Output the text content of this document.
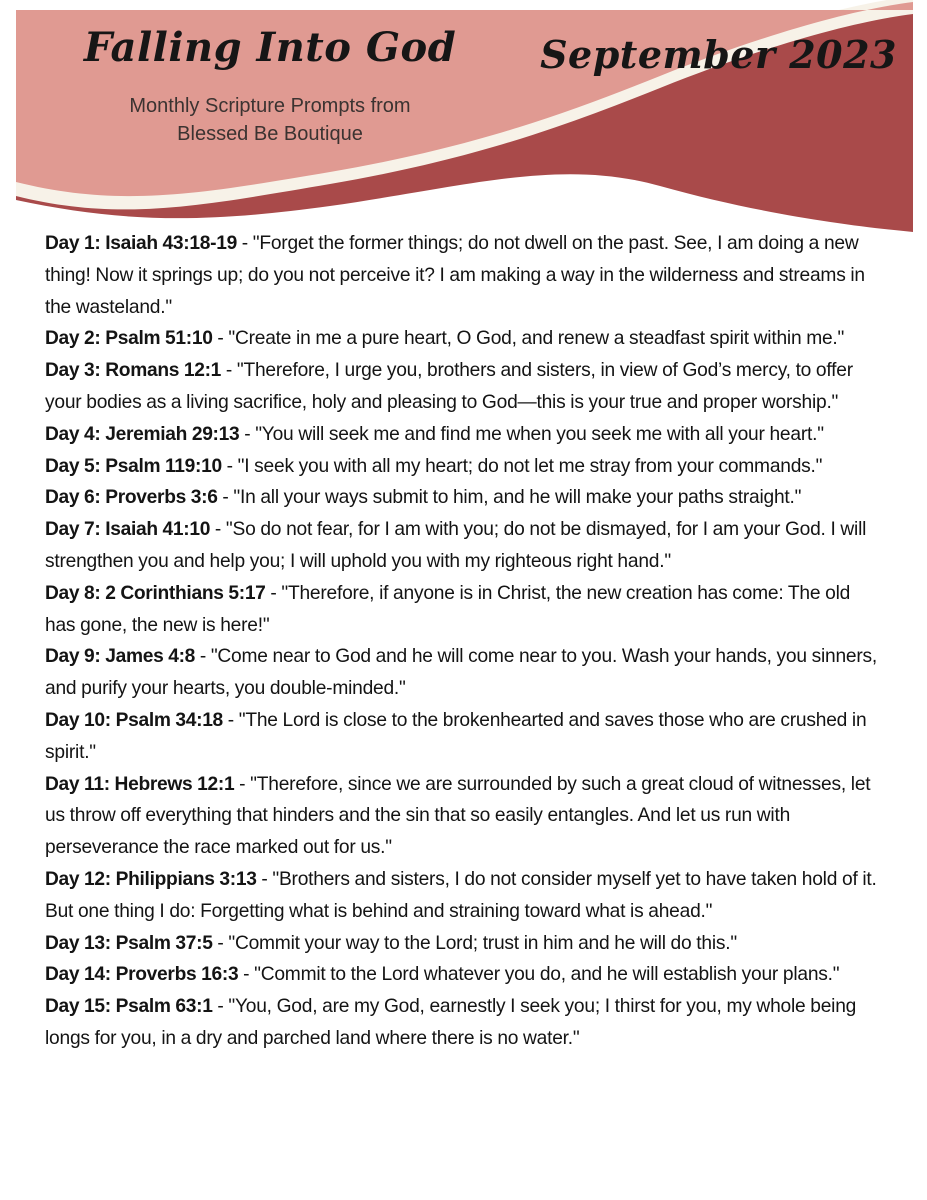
Falling Into God
Monthly Scripture Prompts from
Blessed Be Boutique
September 2023

Day 1: Isaiah 43:18-19 - "Forget the former things; do not dwell on the past. See, I am doing a new thing! Now it springs up; do you not perceive it? I am making a way in the wilderness and streams in the wasteland."

Day 2: Psalm 51:10 - "Create in me a pure heart, O God, and renew a steadfast spirit within me."

Day 3: Romans 12:1 - "Therefore, I urge you, brothers and sisters, in view of God’s mercy, to offer your bodies as a living sacrifice, holy and pleasing to God—this is your true and proper worship."

Day 4: Jeremiah 29:13 - "You will seek me and find me when you seek me with all your heart."

Day 5: Psalm 119:10 - "I seek you with all my heart; do not let me stray from your commands."

Day 6: Proverbs 3:6 - "In all your ways submit to him, and he will make your paths straight."

Day 7: Isaiah 41:10 - "So do not fear, for I am with you; do not be dismayed, for I am your God. I will strengthen you and help you; I will uphold you with my righteous right hand."

Day 8: 2 Corinthians 5:17 - "Therefore, if anyone is in Christ, the new creation has come: The old has gone, the new is here!"

Day 9: James 4:8 - "Come near to God and he will come near to you. Wash your hands, you sinners, and purify your hearts, you double-minded."

Day 10: Psalm 34:18 - "The Lord is close to the brokenhearted and saves those who are crushed in spirit."

Day 11: Hebrews 12:1 - "Therefore, since we are surrounded by such a great cloud of witnesses, let us throw off everything that hinders and the sin that so easily entangles. And let us run with perseverance the race marked out for us."

Day 12: Philippians 3:13 - "Brothers and sisters, I do not consider myself yet to have taken hold of it. But one thing I do: Forgetting what is behind and straining toward what is ahead."

Day 13: Psalm 37:5 - "Commit your way to the Lord; trust in him and he will do this."

Day 14: Proverbs 16:3 - "Commit to the Lord whatever you do, and he will establish your plans."

Day 15: Psalm 63:1 - "You, God, are my God, earnestly I seek you; I thirst for you, my whole being longs for you, in a dry and parched land where there is no water."
